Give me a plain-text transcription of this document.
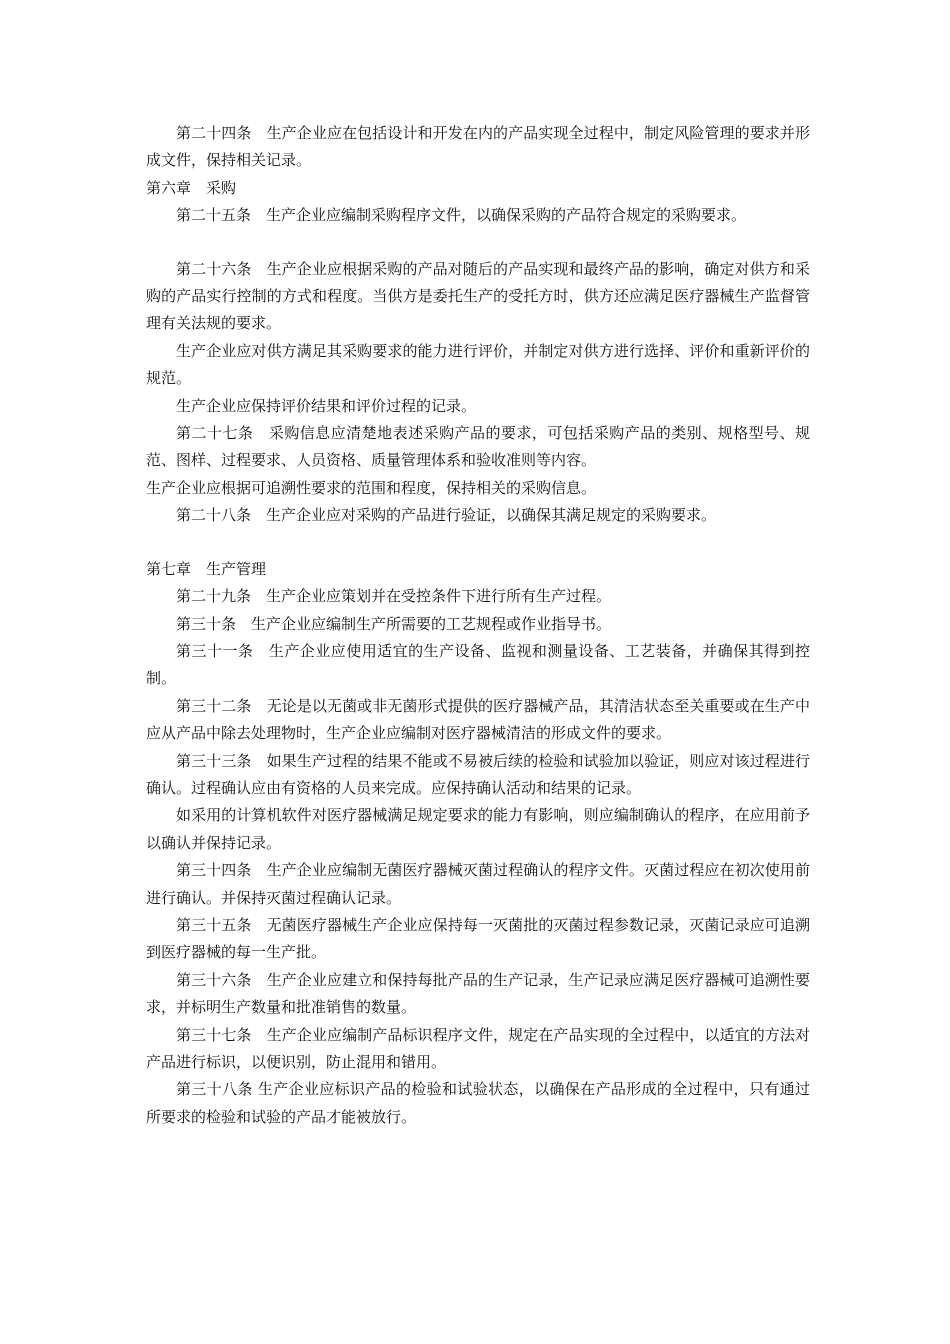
第二十四条　生产企业应在包括设计和开发在内的产品实现全过程中，制定风险管理的要求并形成文件，保持相关记录。

第六章　采购

第二十五条　生产企业应编制采购程序文件，以确保采购的产品符合规定的采购要求。

第二十六条　生产企业应根据采购的产品对随后的产品实现和最终产品的影响，确定对供方和采购的产品实行控制的方式和程度。当供方是委托生产的受托方时，供方还应满足医疗器械生产监督管理有关法规的要求。

生产企业应对供方满足其采购要求的能力进行评价，并制定对供方进行选择、评价和重新评价的规范。

生产企业应保持评价结果和评价过程的记录。

第二十七条　采购信息应清楚地表述采购产品的要求，可包括采购产品的类别、规格型号、规范、图样、过程要求、人员资格、质量管理体系和验收准则等内容。

生产企业应根据可追溯性要求的范围和程度，保持相关的采购信息。

第二十八条　生产企业应对采购的产品进行验证，以确保其满足规定的采购要求。

第七章　生产管理

第二十九条　生产企业应策划并在受控条件下进行所有生产过程。

第三十条　生产企业应编制生产所需要的工艺规程或作业指导书。

第三十一条　生产企业应使用适宜的生产设备、监视和测量设备、工艺装备，并确保其得到控制。

第三十二条　无论是以无菌或非无菌形式提供的医疗器械产品，其清洁状态至关重要或在生产中应从产品中除去处理物时，生产企业应编制对医疗器械清洁的形成文件的要求。

第三十三条　如果生产过程的结果不能或不易被后续的检验和试验加以验证，则应对该过程进行确认。过程确认应由有资格的人员来完成。应保持确认活动和结果的记录。

如采用的计算机软件对医疗器械满足规定要求的能力有影响，则应编制确认的程序，在应用前予以确认并保持记录。

第三十四条　生产企业应编制无菌医疗器械灭菌过程确认的程序文件。灭菌过程应在初次使用前进行确认。并保持灭菌过程确认记录。

第三十五条　无菌医疗器械生产企业应保持每一灭菌批的灭菌过程参数记录，灭菌记录应可追溯到医疗器械的每一生产批。

第三十六条　生产企业应建立和保持每批产品的生产记录，生产记录应满足医疗器械可追溯性要求，并标明生产数量和批准销售的数量。

第三十七条　生产企业应编制产品标识程序文件，规定在产品实现的全过程中，以适宜的方法对产品进行标识，以便识别，防止混用和错用。

第三十八条 生产企业应标识产品的检验和试验状态，以确保在产品形成的全过程中，只有通过所要求的检验和试验的产品才能被放行。
